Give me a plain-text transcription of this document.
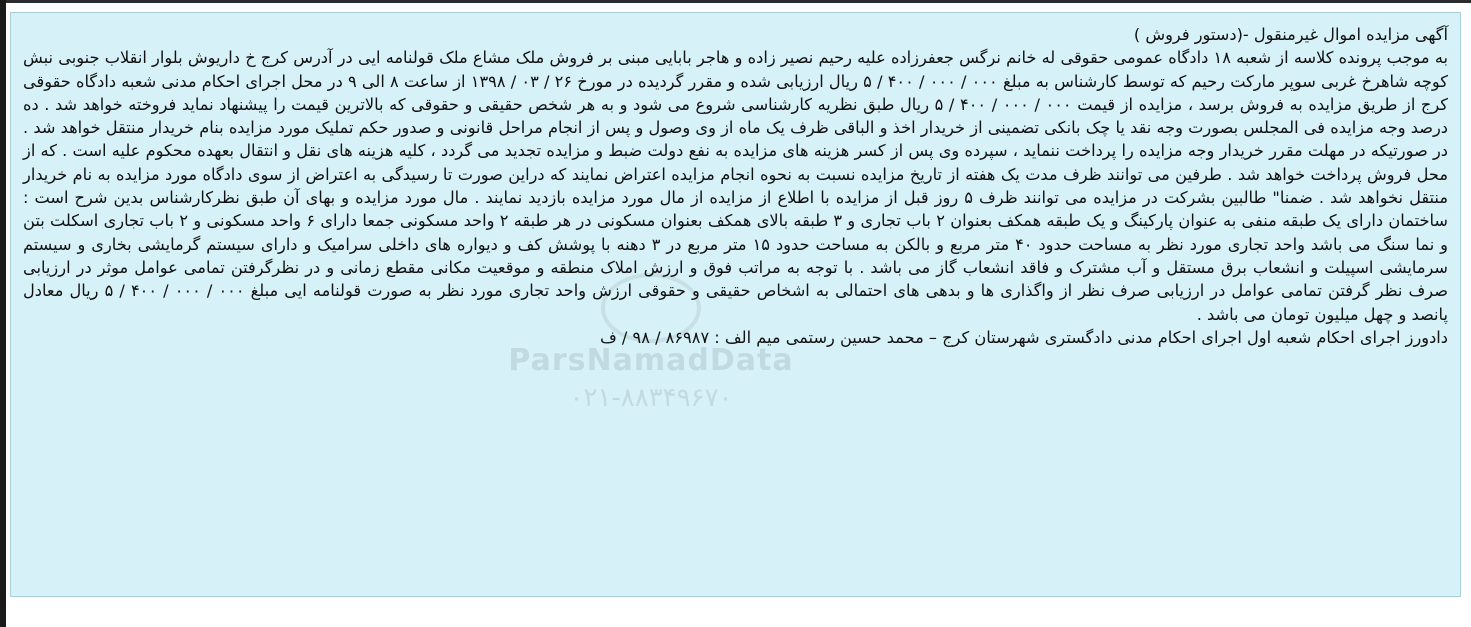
ParsNamadData
۰۲۱-۸۸۳۴۹۶۷۰

آگهی مزایده اموال غیرمنقول -(دستور فروش )

به موجب پرونده کلاسه از شعبه ۱۸ دادگاه عمومی حقوقی له خانم نرگس جعفرزاده علیه رحیم نصیر زاده و هاجر بابایی مبنی بر فروش ملک مشاع ملک قولنامه ایی در آدرس کرج خ داریوش بلوار انقلاب جنوبی نبش کوچه شاهرخ غربی سوپر مارکت رحیم که توسط کارشناس به مبلغ ۰۰۰ / ۰۰۰ / ۴۰۰ / ۵ ریال ارزیابی شده و مقرر گردیده در مورخ ۲۶ / ۰۳ / ۱۳۹۸ از ساعت ۸ الی ۹ در محل اجرای احکام مدنی شعبه دادگاه حقوقی کرج از طریق مزایده به فروش برسد ، مزایده از قیمت ۰۰۰ / ۰۰۰ / ۴۰۰ / ۵ ریال طبق نظریه کارشناسی شروع می شود و به هر شخص حقیقی و حقوقی که بالاترین قیمت را پیشنهاد نماید فروخته خواهد شد . ده درصد وجه مزایده فی المجلس بصورت وجه نقد یا چک بانکی تضمینی از خریدار اخذ و الباقی ظرف یک ماه از وی وصول و پس از انجام مراحل قانونی و صدور حکم تملیک مورد مزایده بنام خریدار منتقل خواهد شد . در صورتیکه در مهلت مقرر خریدار وجه مزایده را پرداخت ننماید ، سپرده وی پس از کسر هزینه های مزایده به نفع دولت ضبط و مزایده تجدید می گردد ، کلیه هزینه های نقل و انتقال بعهده محکوم علیه است . که از محل فروش پرداخت خواهد شد . طرفین می توانند ظرف مدت یک هفته از تاریخ مزایده نسبت به نحوه انجام مزایده اعتراض نمایند که دراین صورت تا رسیدگی به اعتراض از سوی دادگاه مورد مزایده به نام خریدار منتقل نخواهد شد . ضمنا" طالبین بشرکت در مزایده می توانند ظرف ۵ روز قبل از مزایده با اطلاع از مزایده از مال مورد مزایده بازدید نمایند . مال مورد مزایده و بهای آن طبق نظرکارشناس بدین شرح است : ساختمان دارای یک طبقه منفی به عنوان پارکینگ و یک طبقه همکف بعنوان ۲ باب تجاری و ۳ طبقه بالای همکف بعنوان مسکونی در هر طبقه ۲ واحد مسکونی جمعا دارای ۶ واحد مسکونی و ۲ باب تجاری اسکلت بتن و نما سنگ می باشد واحد تجاری مورد نظر به مساحت حدود ۴۰ متر مربع و بالکن به مساحت حدود ۱۵ متر مربع در ۳ دهنه با پوشش کف و دیواره های داخلی سرامیک و دارای سیستم گرمایشی بخاری و سیستم سرمایشی اسپیلت و انشعاب برق مستقل و آب مشترک و فاقد انشعاب گاز می باشد . با توجه به مراتب فوق و ارزش املاک منطقه و موقعیت مکانی مقطع زمانی و در نظرگرفتن تمامی عوامل موثر در ارزیابی صرف نظر گرفتن تمامی عوامل در ارزیابی صرف نظر از واگذاری ها و بدهی های احتمالی به اشخاص حقیقی و حقوقی ارزش واحد تجاری مورد نظر به صورت قولنامه ایی مبلغ ۰۰۰ / ۰۰۰ / ۴۰۰ / ۵ ریال معادل پانصد و چهل میلیون تومان می باشد .

دادورز اجرای احکام شعبه اول اجرای احکام مدنی دادگستری شهرستان کرج – محمد حسین رستمی میم الف : ۸۶۹۸۷ / ۹۸ / ف
